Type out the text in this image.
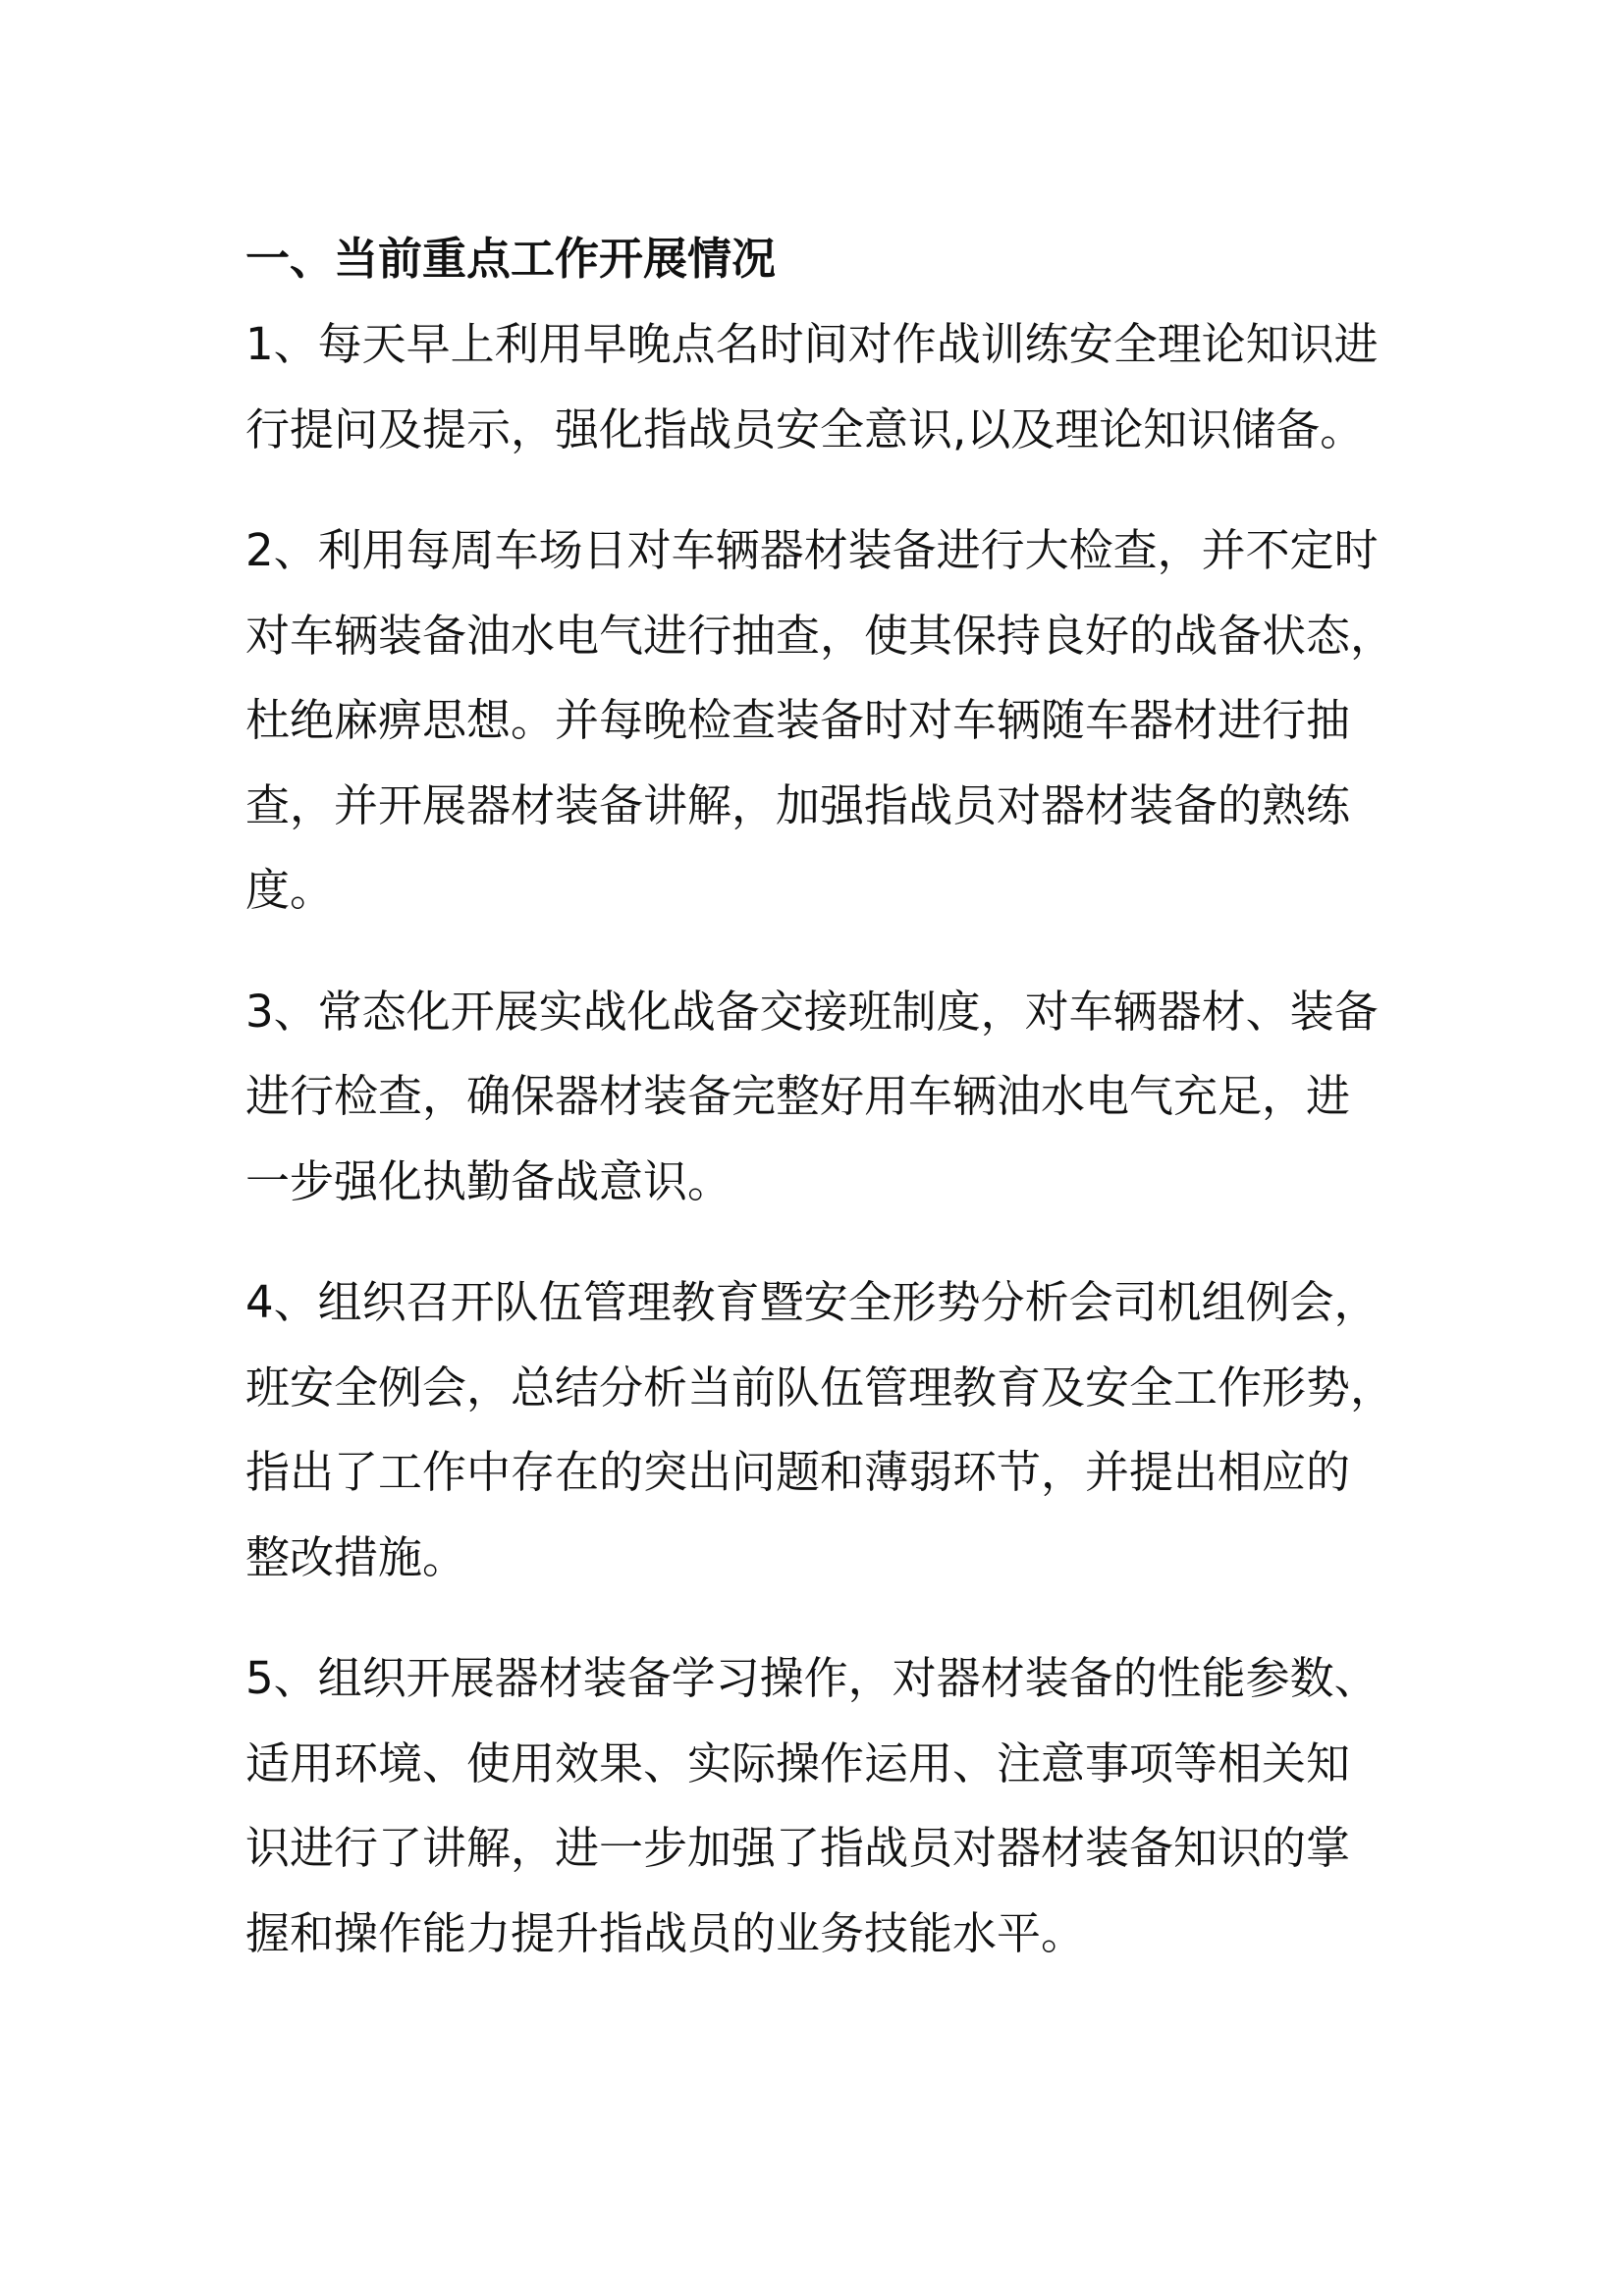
一、当前重点工作开展情况
1、每天早上利用早晚点名时间对作战训练安全理论知识进
行提问及提示，强化指战员安全意识,以及理论知识储备。
2、利用每周车场日对车辆器材装备进行大检查，并不定时
对车辆装备油水电气进行抽查，使其保持良好的战备状态，
杜绝麻痹思想。并每晚检查装备时对车辆随车器材进行抽
查，并开展器材装备讲解，加强指战员对器材装备的熟练
度。
3、常态化开展实战化战备交接班制度，对车辆器材、装备
进行检查，确保器材装备完整好用车辆油水电气充足，进
一步强化执勤备战意识。
4、组织召开队伍管理教育暨安全形势分析会司机组例会，
班安全例会，总结分析当前队伍管理教育及安全工作形势，
指出了工作中存在的突出问题和薄弱环节，并提出相应的
整改措施。
5、组织开展器材装备学习操作，对器材装备的性能参数、
适用环境、使用效果、实际操作运用、注意事项等相关知
识进行了讲解，进一步加强了指战员对器材装备知识的掌
握和操作能力提升指战员的业务技能水平。
